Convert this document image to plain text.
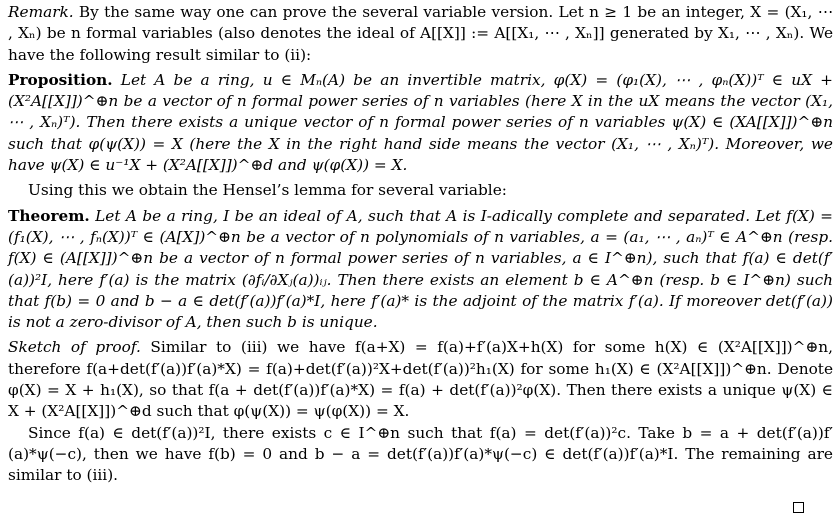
Remark. By the same way one can prove the several variable version. Let n ≥ 1 be an integer, X = (X₁, ⋯ , Xₙ) be n formal variables (also denotes the ideal of A[[X]] := A[[X₁, ⋯ , Xₙ]] generated by X₁, ⋯ , Xₙ). We have the following result similar to (ii):

Proposition. Let A be a ring, u ∈ Mₙ(A) be an invertible matrix, φ(X) = (φ₁(X), ⋯ , φₙ(X))ᵀ ∈ uX + (X²A[[X]])^⊕n be a vector of n formal power series of n variables (here X in the uX means the vector (X₁, ⋯ , Xₙ)ᵀ). Then there exists a unique vector of n formal power series of n variables ψ(X) ∈ (XA[[X]])^⊕n such that φ(ψ(X)) = X (here the X in the right hand side means the vector (X₁, ⋯ , Xₙ)ᵀ). Moreover, we have ψ(X) ∈ u⁻¹X + (X²A[[X]])^⊕d and ψ(φ(X)) = X.

Using this we obtain the Hensel’s lemma for several variable:

Theorem. Let A be a ring, I be an ideal of A, such that A is I-adically complete and separated. Let f(X) = (f₁(X), ⋯ , fₙ(X))ᵀ ∈ (A[X])^⊕n be a vector of n polynomials of n variables, a = (a₁, ⋯ , aₙ)ᵀ ∈ A^⊕n (resp. f(X) ∈ (A[[X]])^⊕n be a vector of n formal power series of n variables, a ∈ I^⊕n), such that f(a) ∈ det(f′(a))²I, here f′(a) is the matrix (∂fᵢ/∂Xⱼ(a))ᵢⱼ. Then there exists an element b ∈ A^⊕n (resp. b ∈ I^⊕n) such that f(b) = 0 and b − a ∈ det(f′(a))f′(a)*I, here f′(a)* is the adjoint of the matrix f′(a). If moreover det(f′(a)) is not a zero-divisor of A, then such b is unique.

Sketch of proof. Similar to (iii) we have f(a+X) = f(a)+f′(a)X+h(X) for some h(X) ∈ (X²A[[X]])^⊕n, therefore f(a+det(f′(a))f′(a)*X) = f(a)+det(f′(a))²X+det(f′(a))²h₁(X) for some h₁(X) ∈ (X²A[[X]])^⊕n. Denote φ(X) = X + h₁(X), so that f(a + det(f′(a))f′(a)*X) = f(a) + det(f′(a))²φ(X). Then there exists a unique ψ(X) ∈ X + (X²A[[X]])^⊕d such that φ(ψ(X)) = ψ(φ(X)) = X.

Since f(a) ∈ det(f′(a))²I, there exists c ∈ I^⊕n such that f(a) = det(f′(a))²c. Take b = a + det(f′(a))f′(a)*ψ(−c), then we have f(b) = 0 and b − a = det(f′(a))f′(a)*ψ(−c) ∈ det(f′(a))f′(a)*I. The remaining are similar to (iii).
